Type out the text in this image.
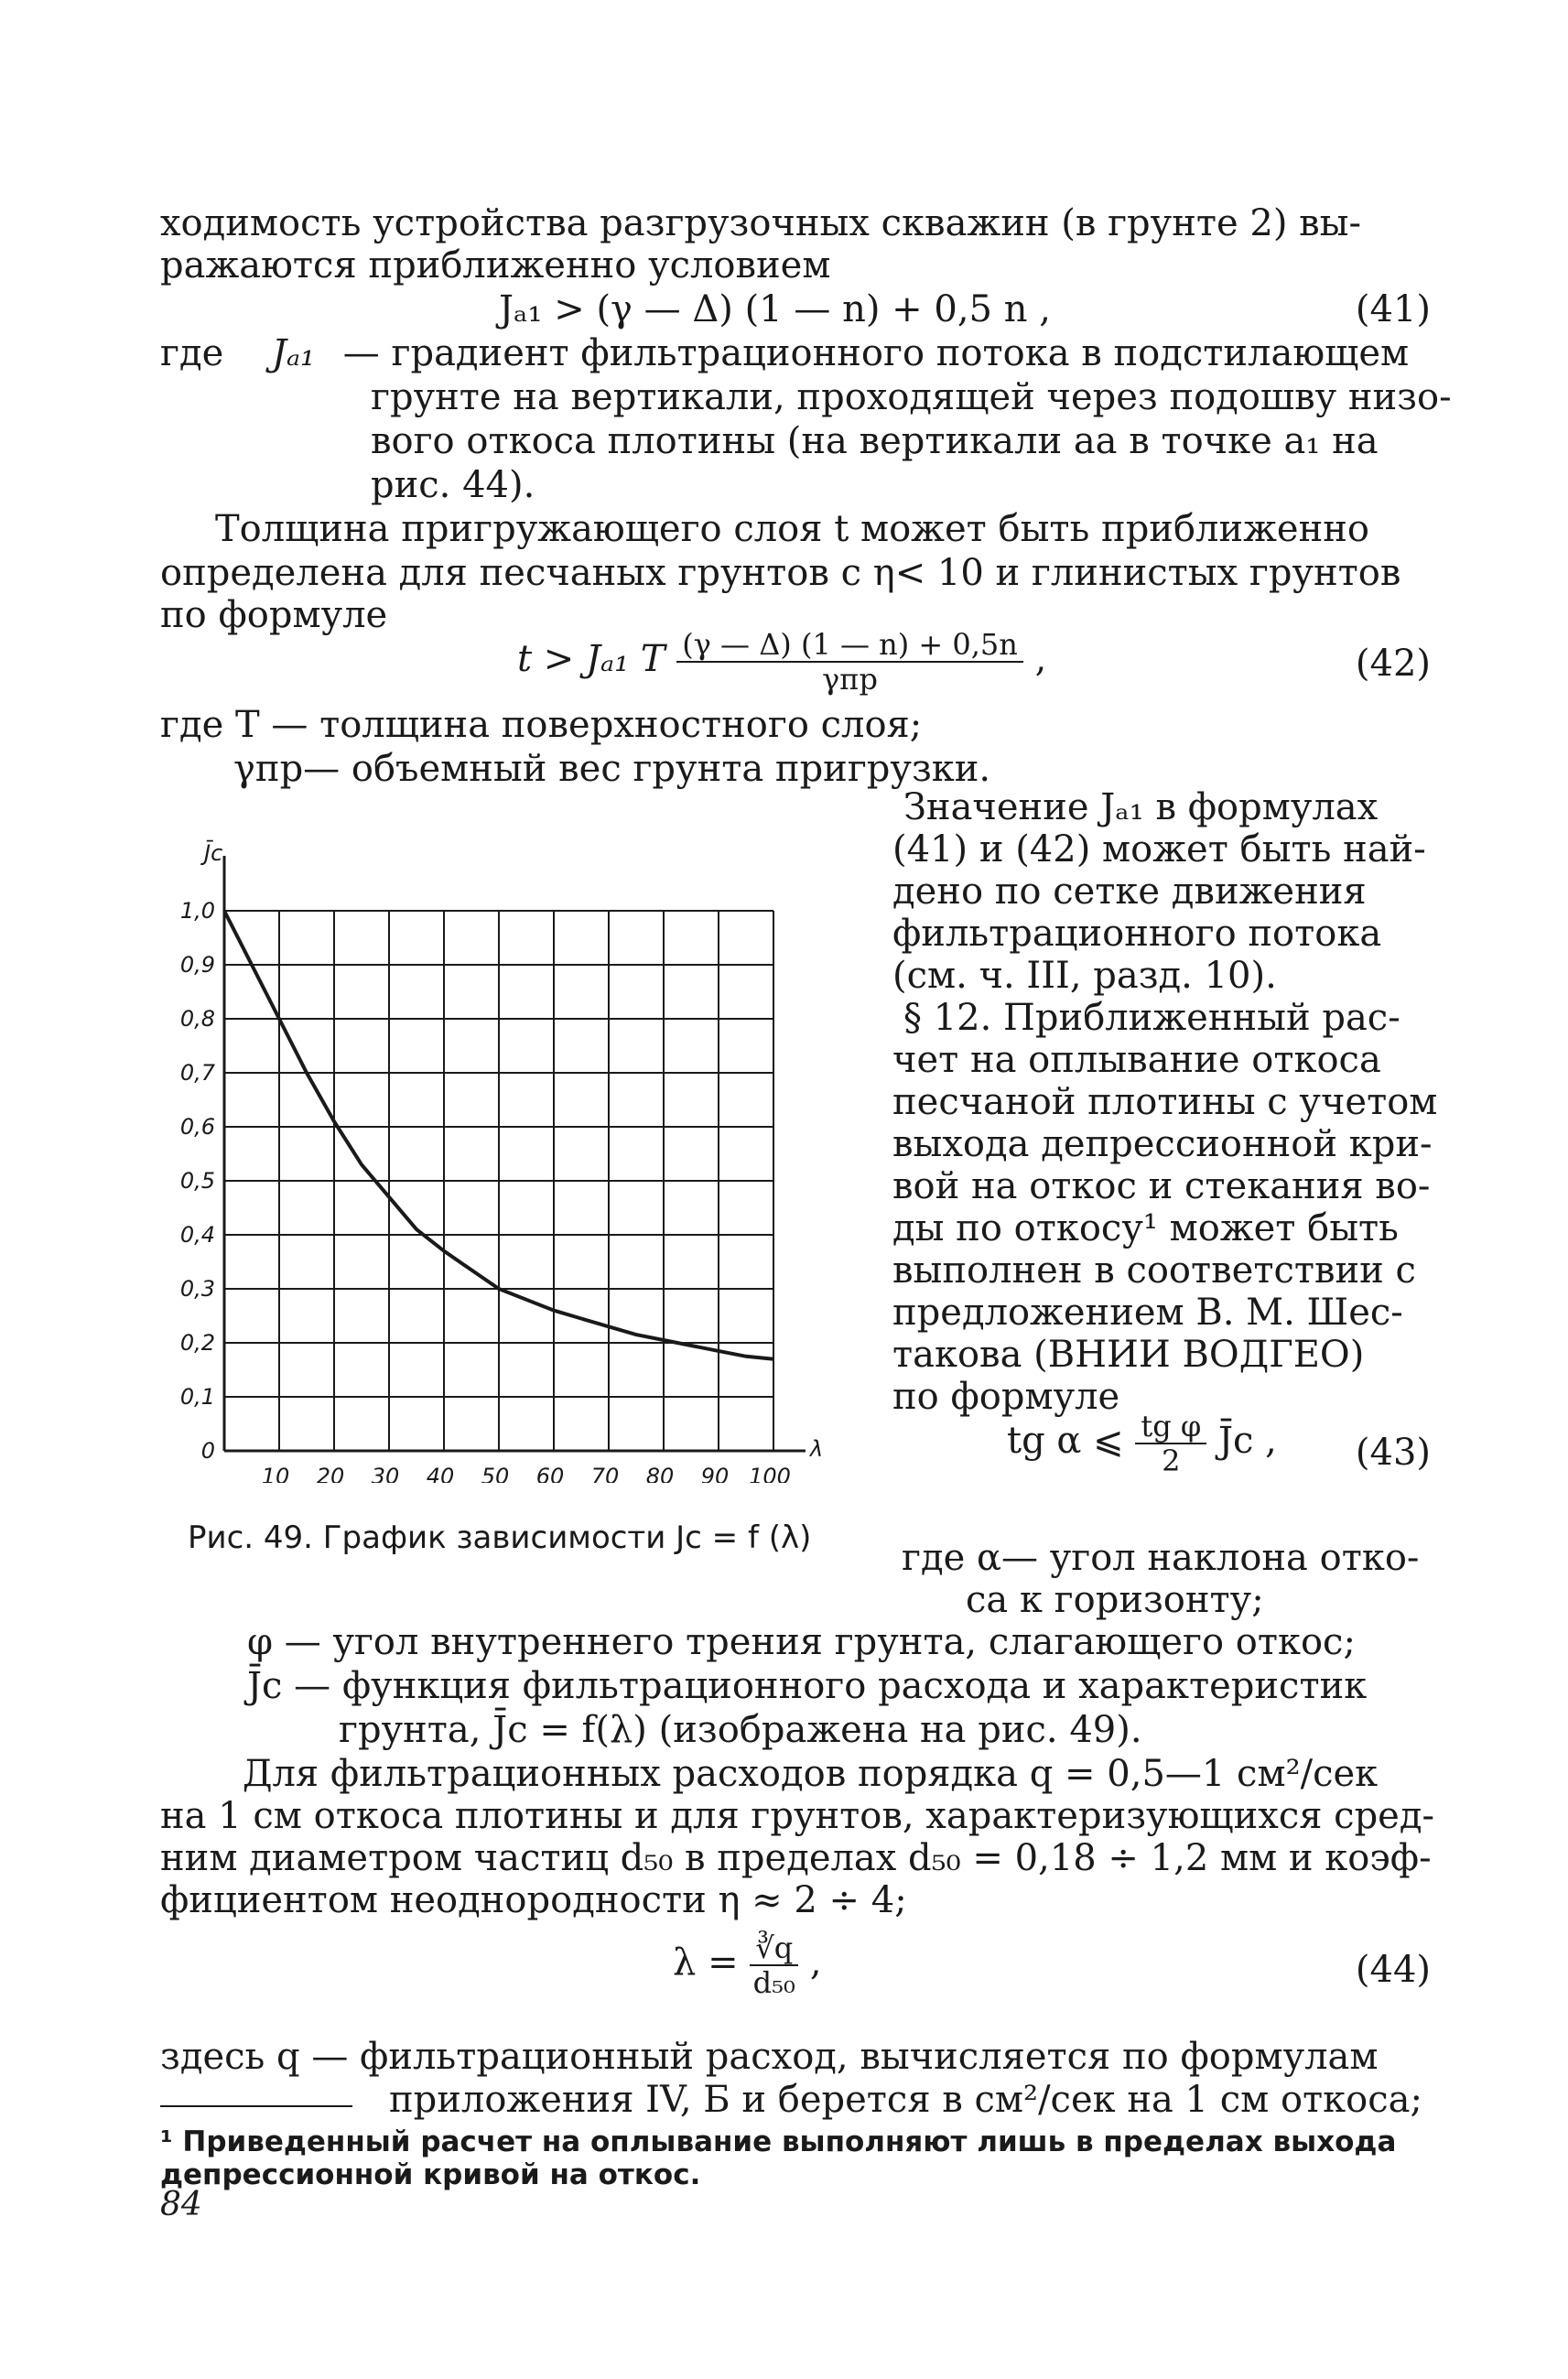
ходимость устройства разгрузочных скважин (в грунте 2) вы-
ражаются приближенно условием
Jₐ₁ > (γ — Δ) (1 — n) + 0,5 n ,	(41)
где Jₐ₁ — градиент фильтрационного потока в подстилающем
грунте на вертикали, проходящей через подошву низо-
вого откоса плотины (на вертикали aa в точке a₁ на
рис. 44).
Толщина пригружающего слоя t может быть приближенно
определена для песчаных грунтов с η< 10 и глинистых грунтов
по формуле
t > Jₐ₁ T $\frac{(\gamma — \Delta) (1 — n) + 0,5n}{\text{γпр}}$ ,	(42)
где T — толщина поверхностного слоя;
γпр— объемный вес грунта пригрузки.
10 20 30 40 50 60 70 80 90 100
0
0,1
0,2
0,3
0,4
0,5
0,6
0,7
0,8
0,9
1,0
J̄с
λ
Рис. 49. График зависимости Jс = f (λ)
Значение Jₐ₁ в формулах
(41) и (42) может быть най-
дено по сетке движения
фильтрационного потока
(см. ч. III, разд. 10).
§ 12. Приближенный рас-
чет на оплывание откоса
песчаной плотины с учетом
выхода депрессионной кри-
вой на откос и стекания во-
ды по откосу¹ может быть
выполнен в соответствии с
предложением В. М. Шес-
такова (ВНИИ ВОДГЕО)
по формуле
tg α ⩽ $\frac{\text{tg φ}}{2}$ J̄с , (43)
где α— угол наклона отко-
са к горизонту;
φ — угол внутреннего трения грунта, слагающего откос;
J̄с — функция фильтрационного расхода и характеристик
грунта, J̄с = f(λ) (изображена на рис. 49).
Для фильтрационных расходов порядка q = 0,5—1 см²/сек
на 1 см откоса плотины и для грунтов, характеризующихся сред-
ним диаметром частиц d₅₀ в пределах d₅₀ = 0,18 ÷ 1,2 мм и коэф-
фициентом неоднородности η ≈ 2 ÷ 4;
$\lambda = \frac{∛q}{\text{d₅₀}}$ ,	(44)
здесь q — фильтрационный расход, вычисляется по формулам
приложения IV, Б и берется в см²/сек на 1 см откоса;
¹ Приведенный расчет на оплывание выполняют лишь в пределах выхода
депрессионной кривой на откос.
84
